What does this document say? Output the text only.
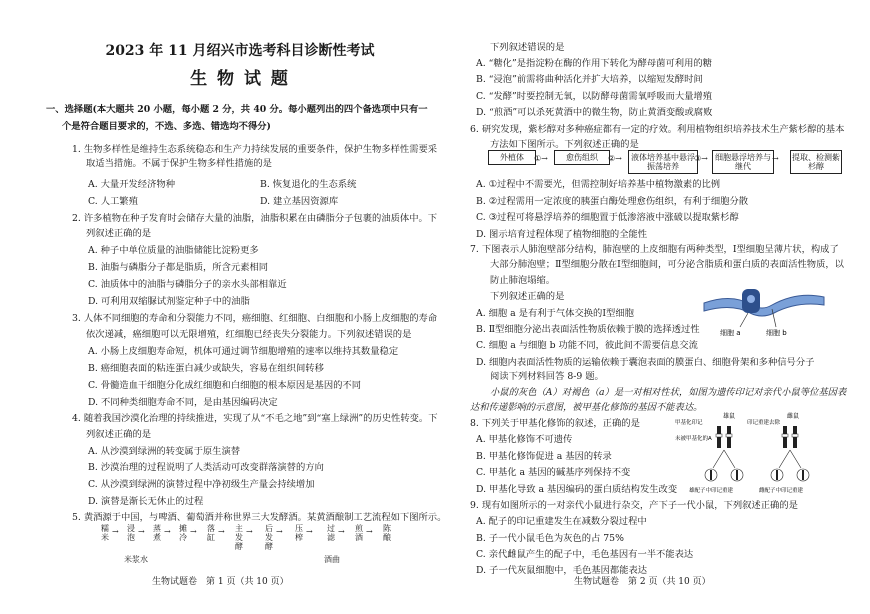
2023 年 11 月绍兴市选考科目诊断性考试
生 物 试 题
一、选择题(本大题共 20 小题，每小题 2 分，共 40 分。每小题列出的四个备选项中只有一
个是符合题目要求的，不选、多选、错选均不得分)
1. 生物多样性是维持生态系统稳态和生产力持续发展的重要条件，保护生物多样性需要采
取适当措施。不属于保护生物多样性措施的是
A. 大量开发经济物种	B. 恢复退化的生态系统
C. 人工繁殖	D. 建立基因资源库
2. 许多植物在种子发育时会储存大量的油脂，油脂积累在由磷脂分子包裹的油质体中。下
列叙述正确的是
A. 种子中单位质量的油脂储能比淀粉更多
B. 油脂与磷脂分子都是脂质，所含元素相同
C. 油质体中的油脂与磷脂分子的亲水头部相靠近
D. 可利用双缩脲试剂鉴定种子中的油脂
3. 人体不同细胞的寿命和分裂能力不同，癌细胞、红细胞、白细胞和小肠上皮细胞的寿命
依次递减，癌细胞可以无限增殖，红细胞已经丧失分裂能力。下列叙述错误的是
A. 小肠上皮细胞寿命短，机体可通过调节细胞增殖的速率以维持其数量稳定
B. 癌细胞表面的粘连蛋白减少或缺失，容易在组织间转移
C. 骨髓造血干细胞分化成红细胞和白细胞的根本原因是基因的不同
D. 不同种类细胞寿命不同，是由基因编码决定
4. 随着我国沙漠化治理的持续推进，实现了从“不毛之地”到“塞上绿洲”的历史性转变。下
列叙述正确的是
A. 从沙漠到绿洲的转变属于原生演替
B. 沙漠治理的过程说明了人类活动可改变群落演替的方向
C. 从沙漠到绿洲的演替过程中净初级生产量会持续增加
D. 演替是渐长无休止的过程
5. 黄酒源于中国，与啤酒、葡萄酒并称世界三大发酵酒。某黄酒酿制工艺流程如下图所示。
糯米
→	浸泡
→	蒸煮
→	摊冷
→	落缸
→	主发酵
→	后发酵
→	压榨
→	过滤
→	煎酒
→	陈酿
米浆水	酒曲
生物试题卷　第 1 页（共 10 页）
下列叙述错误的是
A. “糖化”是指淀粉在酶的作用下转化为酵母菌可利用的糖
B. “浸泡”前需将曲种活化并扩大培养，以缩短发酵时间
C. “发酵”时要控制无氧，以防酵母菌需氧呼吸而大量增殖
D. “煎酒”可以杀死黄酒中的微生物，防止黄酒变酸或腐败
6. 研究发现，紫杉醇对多种癌症都有一定的疗效。利用植物组织培养技术生产紫杉醇的基本
方法如下图所示。下列叙述正确的是
A. ①过程中不需要光，但需控制好培养基中植物激素的比例
B. ②过程需用一定浓度的胰蛋白酶处理愈伤组织，有利于细胞分散
C. ③过程可将悬浮培养的细胞置于低渗溶液中涨破以提取紫杉醇
D. 图示培育过程体现了植物细胞的全能性
7. 下图表示人肺泡壁部分结构，肺泡壁的上皮细胞有两种类型，Ⅰ型细胞呈薄片状，构成了
大部分肺泡壁；Ⅱ型细胞分散在Ⅰ型细胞间，可分泌含脂质和蛋白质的表面活性物质，以
防止肺泡塌缩。
下列叙述正确的是
A. 细胞 a 是有利于气体交换的Ⅰ型细胞
B. Ⅱ型细胞分泌出表面活性物质依赖于膜的选择透过性
C. 细胞 a 与细胞 b 功能不同，彼此间不需要信息交流
D. 细胞内表面活性物质的运输依赖于囊泡表面的膜蛋白、细胞骨架和多种信号分子
阅读下列材料回答 8-9 题。
小鼠的灰色（A）对褐色（a）是一对相对性状，如图为遗传印记对亲代小鼠等位基因表
达和传递影响的示意图，被甲基化修饰的基因不能表达。
8. 下列关于甲基化修饰的叙述，正确的是
A. 甲基化修饰不可遗传
B. 甲基化修饰促进 a 基因的转录
C. 甲基化 a 基因的碱基序列保持不变
D. 甲基化导致 a 基因编码的蛋白质结构发生改变
9. 现有如图所示的一对亲代小鼠进行杂交，产下子一代小鼠，下列叙述正确的是
A. 配子的印记重建发生在减数分裂过程中
B. 子一代小鼠毛色为灰色的占 75%
C. 亲代雌鼠产生的配子中，毛色基因有一半不能表达
D. 子一代灰鼠细胞中，毛色基因都能表达
外植体	愈伤组织	液体培养基中悬浮振荡培养
细胞悬浮培养与继代
提取、检测紫杉醇
①→	②→	③→	→
细胞 a	细胞 b
雄鼠	雌鼠
甲基化印记	印记重建去除
未被甲基化的A
雄配子中印记重建	雌配子中印记重建
生物试题卷　第 2 页（共 10 页）
